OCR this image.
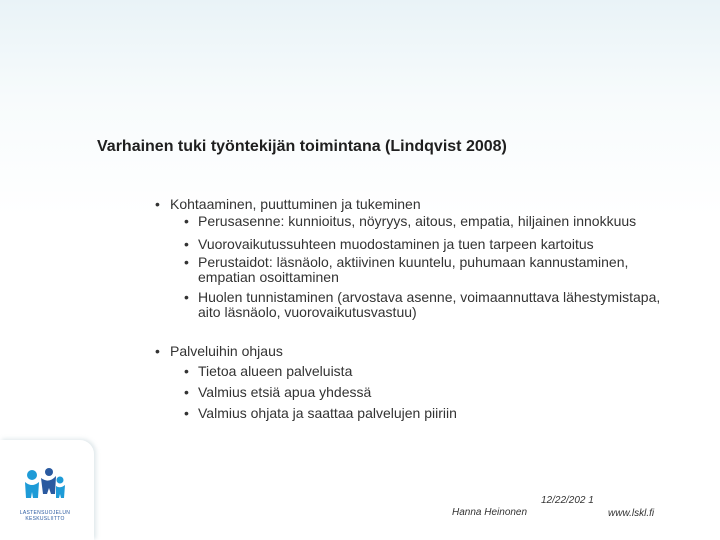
Varhainen tuki työntekijän toimintana (Lindqvist 2008)
• Kohtaaminen, puuttuminen ja tukeminen
• Perusasenne: kunnioitus, nöyryys, aitous, empatia, hiljainen innokkuus
• Vuorovaikutussuhteen muodostaminen ja tuen tarpeen kartoitus
• Perustaidot: läsnäolo, aktiivinen kuuntelu, puhumaan kannustaminen, empatian osoittaminen
• Huolen tunnistaminen (arvostava asenne, voimaannuttava lähestymistapa, aito läsnäolo, vuorovaikutusvastuu)
• Palveluihin ohjaus
• Tietoa alueen palveluista
• Valmius etsiä apua yhdessä
• Valmius ohjata ja saattaa palvelujen piiriin
LASTENSUOJELUN
KESKUSLIITTO
Hanna Heinonen
12/22/202 1
www.lskl.fi
